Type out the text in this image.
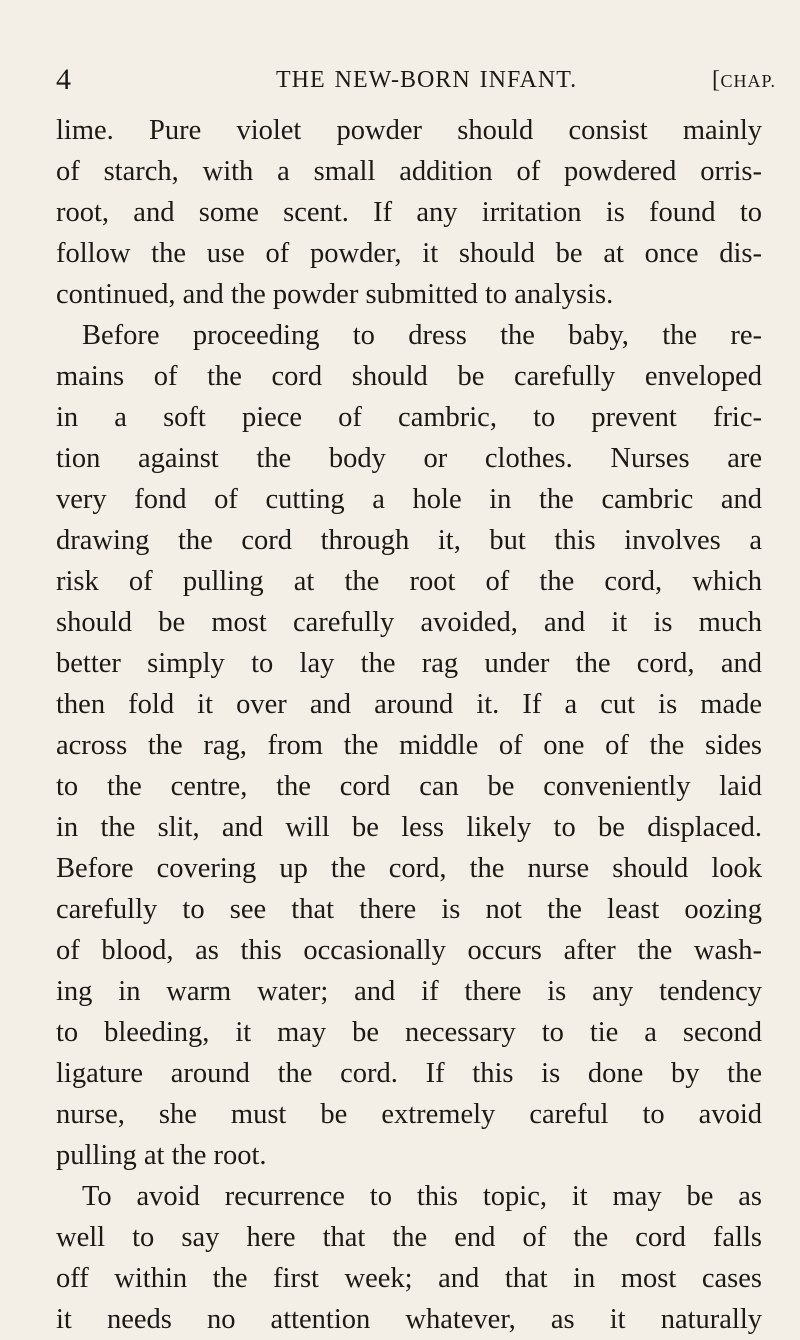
4	THE NEW-BORN INFANT.	[CHAP.
lime. Pure violet powder should consist mainly
of starch, with a small addition of powdered orris-
root, and some scent. If any irritation is found to
follow the use of powder, it should be at once dis-
continued, and the powder submitted to analysis.
Before proceeding to dress the baby, the re-
mains of the cord should be carefully enveloped
in a soft piece of cambric, to prevent fric-
tion against the body or clothes. Nurses are
very fond of cutting a hole in the cambric and
drawing the cord through it, but this involves a
risk of pulling at the root of the cord, which
should be most carefully avoided, and it is much
better simply to lay the rag under the cord, and
then fold it over and around it. If a cut is made
across the rag, from the middle of one of the sides
to the centre, the cord can be conveniently laid
in the slit, and will be less likely to be displaced.
Before covering up the cord, the nurse should look
carefully to see that there is not the least oozing
of blood, as this occasionally occurs after the wash-
ing in warm water; and if there is any tendency
to bleeding, it may be necessary to tie a second
ligature around the cord. If this is done by the
nurse, she must be extremely careful to avoid
pulling at the root.
To avoid recurrence to this topic, it may be as
well to say here that the end of the cord falls
off within the first week; and that in most cases
it needs no attention whatever, as it naturally
